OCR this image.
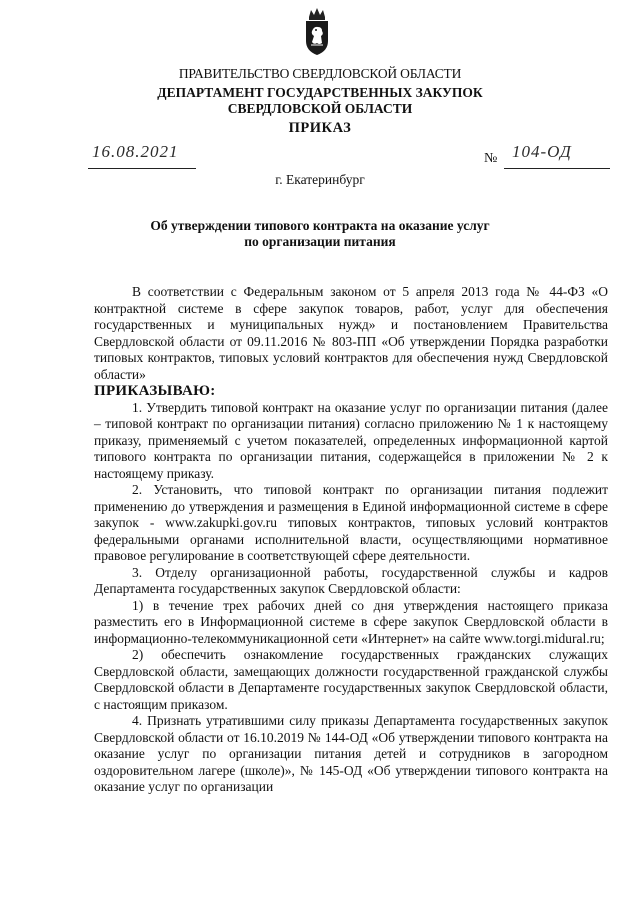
ПРАВИТЕЛЬСТВО СВЕРДЛОВСКОЙ ОБЛАСТИ
ДЕПАРТАМЕНТ ГОСУДАРСТВЕННЫХ ЗАКУПОК
СВЕРДЛОВСКОЙ ОБЛАСТИ
ПРИКАЗ
16.08.2021	№ 104-ОД
г. Екатеринбург
Об утверждении типового контракта на оказание услуг
по организации питания

В соответствии с Федеральным законом от 5 апреля 2013 года № 44-ФЗ «О контрактной системе в сфере закупок товаров, работ, услуг для обеспечения государственных и муниципальных нужд» и постановлением Правительства Свердловской области от 09.11.2016 № 803-ПП «Об утверждении Порядка разработки типовых контрактов, типовых условий контрактов для обеспечения нужд Свердловской области»

ПРИКАЗЫВАЮ:

1. Утвердить типовой контракт на оказание услуг по организации питания (далее – типовой контракт по организации питания) согласно приложению № 1 к настоящему приказу, применяемый с учетом показателей, определенных информационной картой типового контракта по организации питания, содержащейся в приложении № 2 к настоящему приказу.

2. Установить, что типовой контракт по организации питания подлежит применению до утверждения и размещения в Единой информационной системе в сфере закупок - www.zakupki.gov.ru типовых контрактов, типовых условий контрактов федеральными органами исполнительной власти, осуществляющими нормативное правовое регулирование в соответствующей сфере деятельности.

3. Отделу организационной работы, государственной службы и кадров Департамента государственных закупок Свердловской области:

1) в течение трех рабочих дней со дня утверждения настоящего приказа разместить его в Информационной системе в сфере закупок Свердловской области в информационно-телекоммуникационной сети «Интернет» на сайте www.torgi.midural.ru;

2) обеспечить ознакомление государственных гражданских служащих Свердловской области, замещающих должности государственной гражданской службы Свердловской области в Департаменте государственных закупок Свердловской области, с настоящим приказом.

4. Признать утратившими силу приказы Департамента государственных закупок Свердловской области от 16.10.2019 № 144-ОД «Об утверждении типового контракта на оказание услуг по организации питания детей и сотрудников в загородном оздоровительном лагере (школе)», № 145-ОД «Об утверждении типового контракта на оказание услуг по организации
